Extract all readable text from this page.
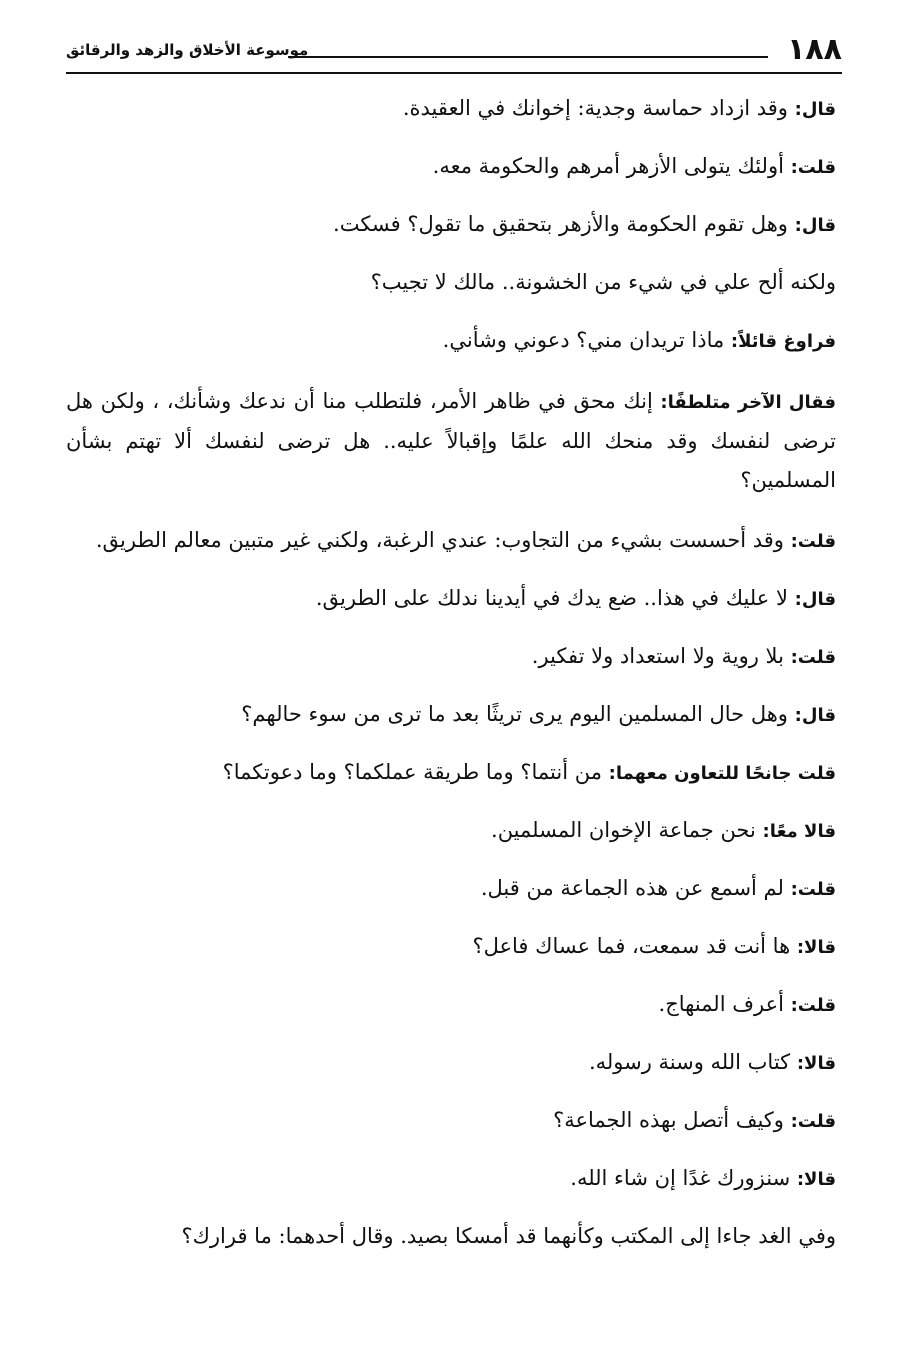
١٨٨
موسوعة الأخلاق والزهد والرقائق

قال: وقد ازداد حماسة وجدية: إخوانك في العقيدة.

قلت: أولئك يتولى الأزهر أمرهم والحكومة معه.

قال: وهل تقوم الحكومة والأزهر بتحقيق ما تقول؟ فسكت.

ولكنه ألح علي في شيء من الخشونة.. مالك لا تجيب؟

فراوغ قائلاً: ماذا تريدان مني؟ دعوني وشأني.

فقال الآخر متلطفًا: إنك محق في ظاهر الأمر، فلتطلب منا أن ندعك وشأنك، ، ولكن هل ترضى لنفسك وقد منحك الله علمًا وإقبالاً عليه.. هل ترضى لنفسك ألا تهتم بشأن المسلمين؟

قلت: وقد أحسست بشيء من التجاوب: عندي الرغبة، ولكني غير متبين معالم الطريق.

قال: لا عليك في هذا.. ضع يدك في أيدينا ندلك على الطريق.

قلت: بلا روية ولا استعداد ولا تفكير.

قال: وهل حال المسلمين اليوم يرى تريثًا بعد ما ترى من سوء حالهم؟

قلت جانحًا للتعاون معهما: من أنتما؟ وما طريقة عملكما؟ وما دعوتكما؟

قالا معًا: نحن جماعة الإخوان المسلمين.

قلت: لم أسمع عن هذه الجماعة من قبل.

قالا: ها أنت قد سمعت، فما عساك فاعل؟

قلت: أعرف المنهاج.

قالا: كتاب الله وسنة رسوله.

قلت: وكيف أتصل بهذه الجماعة؟

قالا: سنزورك غدًا إن شاء الله.

وفي الغد جاءا إلى المكتب وكأنهما قد أمسكا بصيد. وقال أحدهما: ما قرارك؟
